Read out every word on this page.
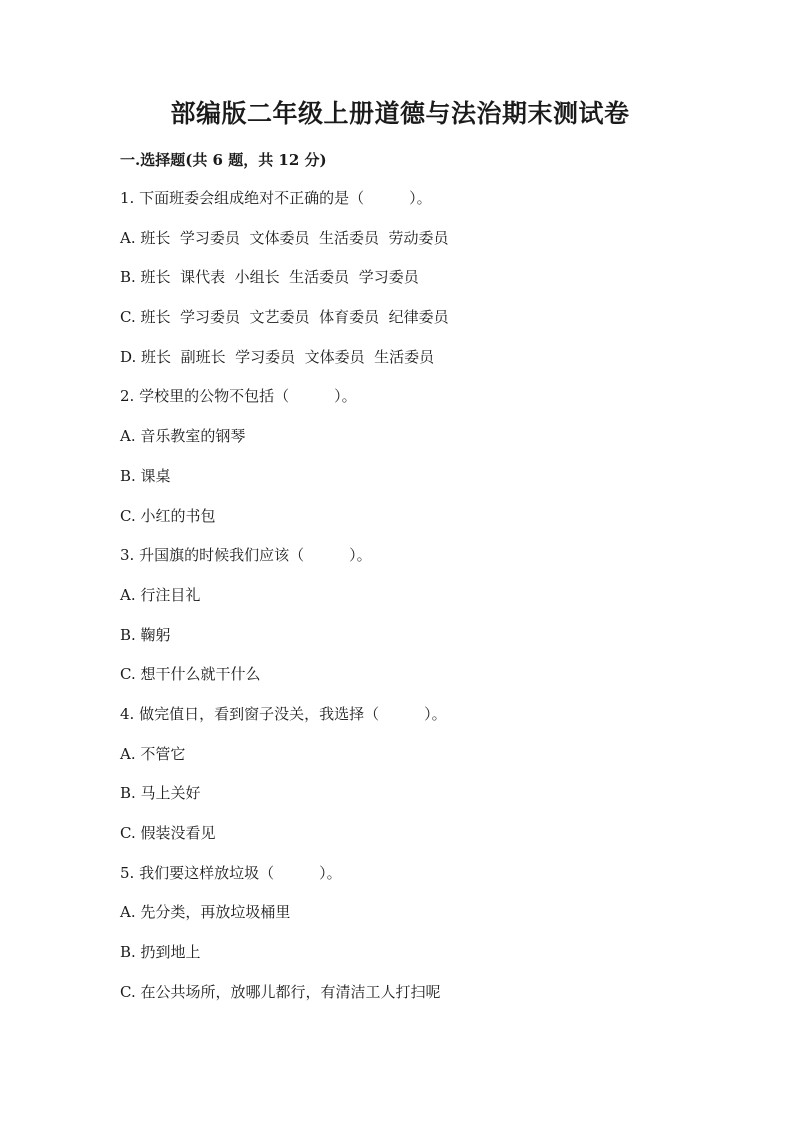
部编版二年级上册道德与法治期末测试卷
一.选择题(共 6 题，共 12 分)
1. 下面班委会组成绝对不正确的是（　　　）。
A. 班长  学习委员  文体委员  生活委员  劳动委员
B. 班长  课代表  小组长  生活委员  学习委员
C. 班长  学习委员  文艺委员  体育委员  纪律委员
D. 班长  副班长  学习委员  文体委员  生活委员
2. 学校里的公物不包括（　　　）。
A. 音乐教室的钢琴
B. 课桌
C. 小红的书包
3. 升国旗的时候我们应该（　　　）。
A. 行注目礼
B. 鞠躬
C. 想干什么就干什么
4. 做完值日，看到窗子没关，我选择（　　　）。
A. 不管它
B. 马上关好
C. 假装没看见
5. 我们要这样放垃圾（　　　）。
A. 先分类，再放垃圾桶里
B. 扔到地上
C. 在公共场所，放哪儿都行，有清洁工人打扫呢
